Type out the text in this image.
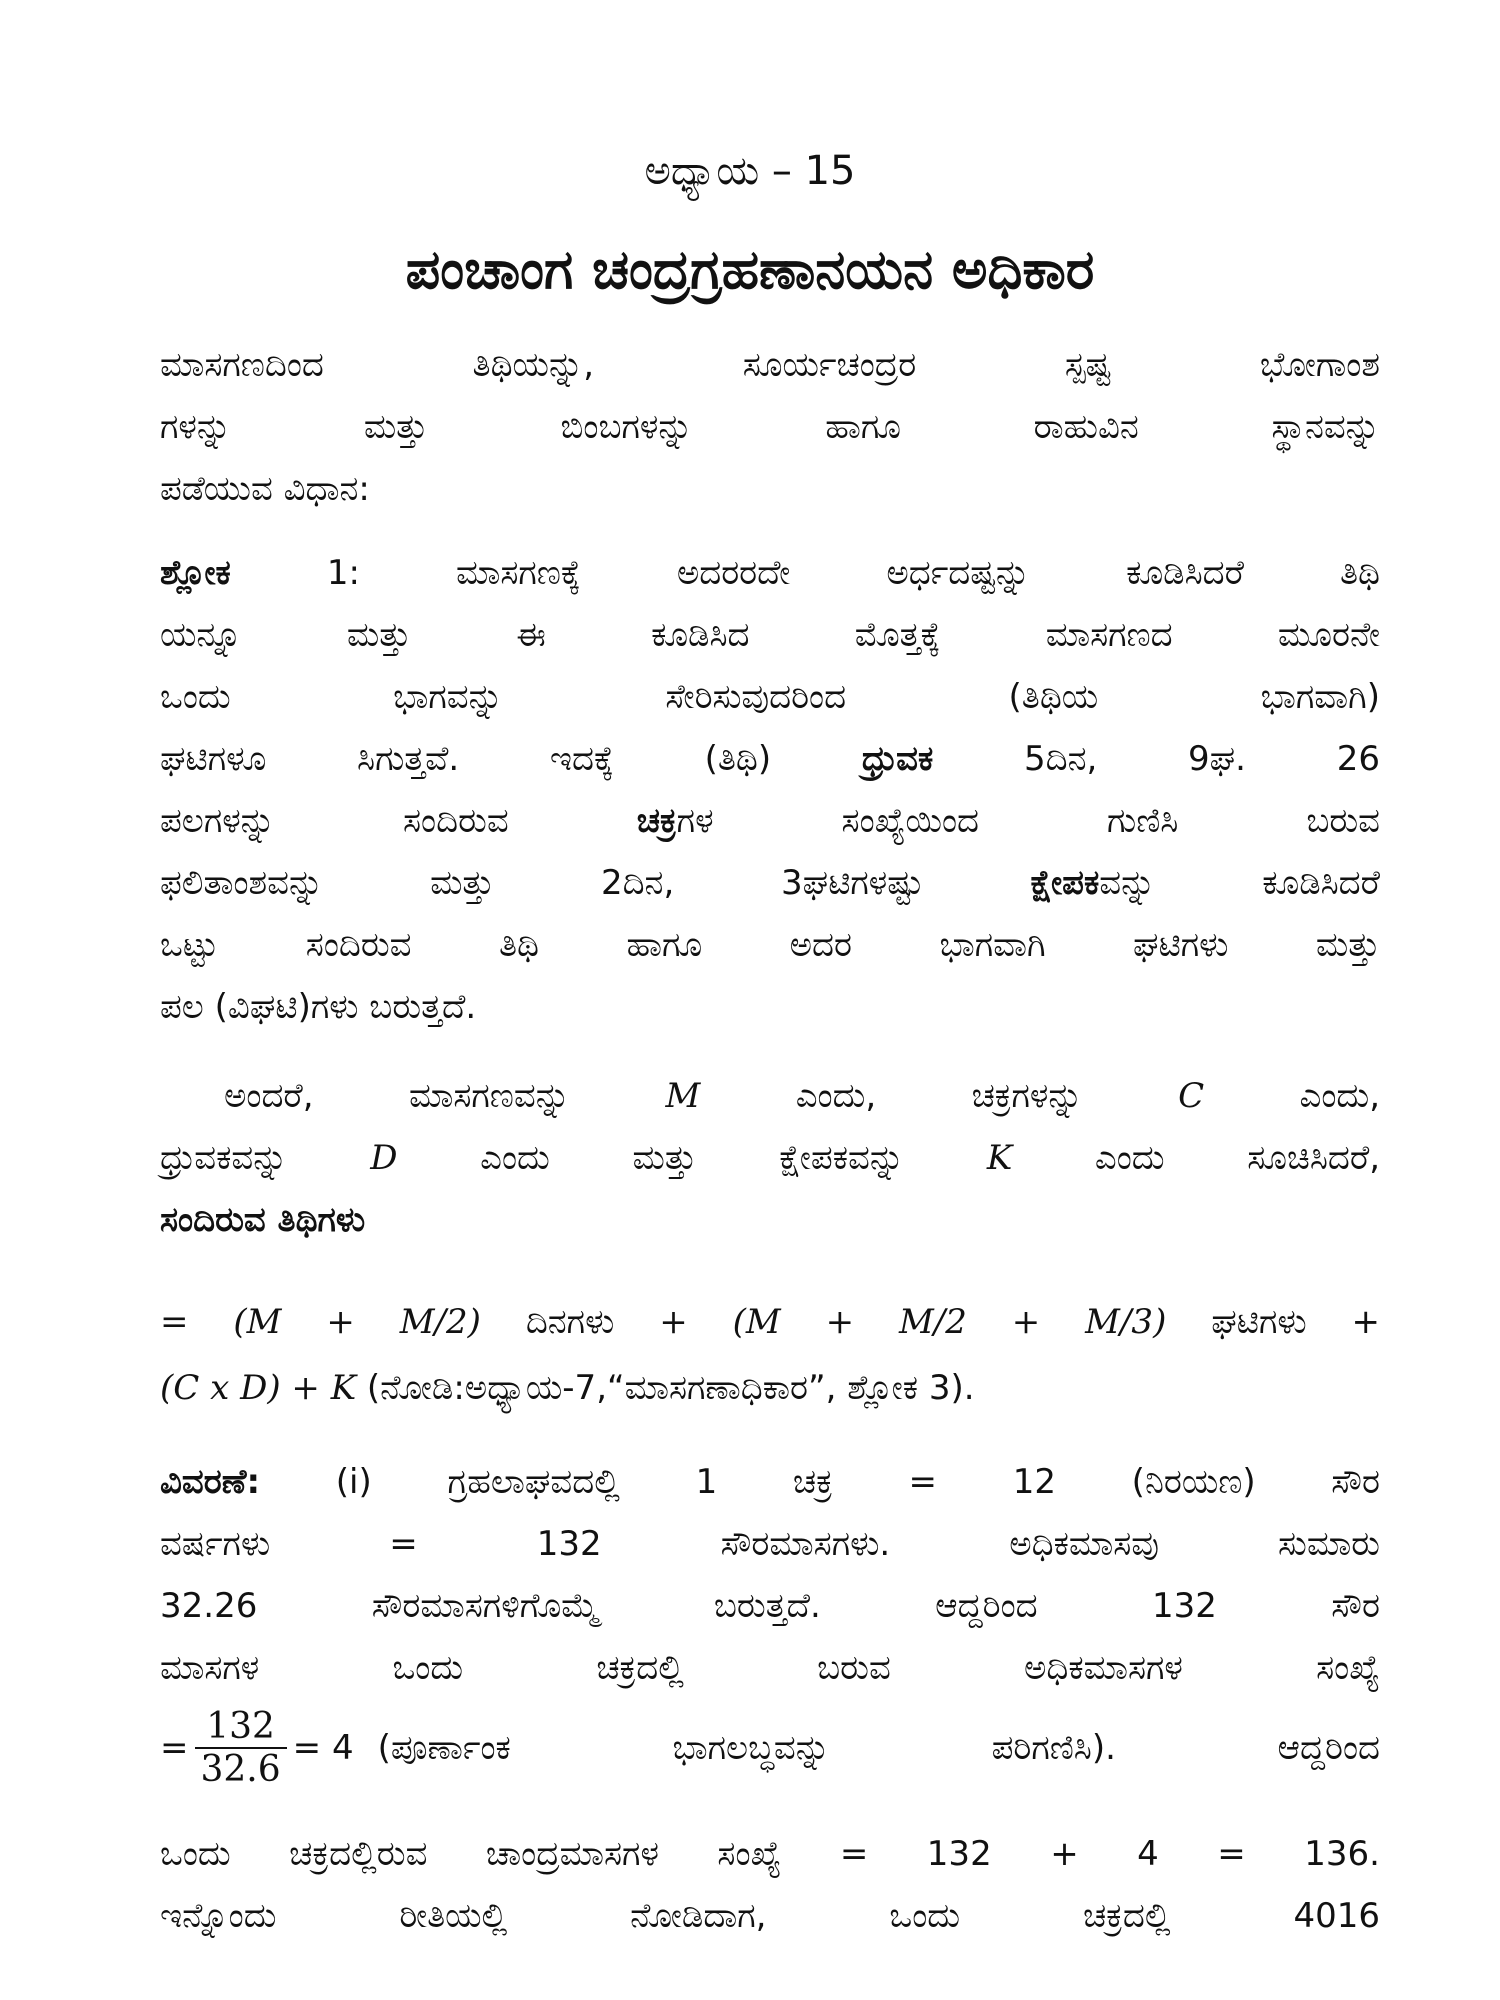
ಅಧ್ಯಾಯ – 15
ಪಂಚಾಂಗ ಚಂದ್ರಗ್ರಹಣಾನಯನ ಅಧಿಕಾರ
ಮಾಸಗಣದಿಂದ ತಿಥಿಯನ್ನು, ಸೂರ್ಯಚಂದ್ರರ ಸ್ಪಷ್ಟ ಭೋಗಾಂಶ
ಗಳನ್ನು ಮತ್ತು ಬಿಂಬಗಳನ್ನು ಹಾಗೂ ರಾಹುವಿನ ಸ್ಥಾನವನ್ನು
ಪಡೆಯುವ ವಿಧಾನ:
ಶ್ಲೋಕ	1: ಮಾಸಗಣಕ್ಕೆ ಅದರರದೇ ಅರ್ಧದಷ್ಟನ್ನು ಕೂಡಿಸಿದರೆ ತಿಥಿ
ಯನ್ನೂ ಮತ್ತು ಈ ಕೂಡಿಸಿದ ಮೊತ್ತಕ್ಕೆ ಮಾಸಗಣದ ಮೂರನೇ
ಒಂದು ಭಾಗವನ್ನು ಸೇರಿಸುವುದರಿಂದ (ತಿಥಿಯ ಭಾಗವಾಗಿ)
ಘಟಿಗಳೂ ಸಿಗುತ್ತವೆ. ಇದಕ್ಕೆ (ತಿಥಿ)	ಧ್ರುವಕ	5ದಿನ, 9ಘ. 26
ಪಲಗಳನ್ನು ಸಂದಿರುವ	ಚಕ್ರಗಳ ಸಂಖ್ಯೆಯಿಂದ ಗುಣಿಸಿ ಬರುವ
ಫಲಿತಾಂಶವನ್ನು ಮತ್ತು 2ದಿನ, 3ಘಟಿಗಳಷ್ಟು	ಕ್ಷೇಪಕವನ್ನು ಕೂಡಿಸಿದರೆ
ಒಟ್ಟು ಸಂದಿರುವ ತಿಥಿ ಹಾಗೂ ಅದರ ಭಾಗವಾಗಿ ಘಟಿಗಳು ಮತ್ತು
ಪಲ (ವಿಘಟಿ)ಗಳು ಬರುತ್ತದೆ.
ಅಂದರೆ, ಮಾಸಗಣವನ್ನು	M	ಎಂದು, ಚಕ್ರಗಳನ್ನು	C	ಎಂದು,
ಧ್ರುವಕವನ್ನು D ಎಂದು ಮತ್ತು ಕ್ಷೇಪಕವನ್ನು K ಎಂದು ಸೂಚಿಸಿದರೆ,
ಸಂದಿರುವ ತಿಥಿಗಳು
= (M + M/2) ದಿನಗಳು + (M + M/2 + M/3) ಘಟಿಗಳು +
(C x D) + K (ನೋಡಿ:ಅಧ್ಯಾಯ-7,“ಮಾಸಗಣಾಧಿಕಾರ”, ಶ್ಲೋಕ 3).
ವಿವರಣೆ: (i) ಗ್ರಹಲಾಘವದಲ್ಲಿ 1 ಚಕ್ರ = 12 (ನಿರಯಣ) ಸೌರ
ವರ್ಷಗಳು = 132 ಸೌರಮಾಸಗಳು. ಅಧಿಕಮಾಸವು ಸುಮಾರು
32.26 ಸೌರಮಾಸಗಳಿಗೊಮ್ಮೆ ಬರುತ್ತದೆ. ಆದ್ದರಿಂದ 132 ಸೌರ
ಮಾಸಗಳ ಒಂದು ಚಕ್ರದಲ್ಲಿ ಬರುವ ಅಧಿಕಮಾಸಗಳ ಸಂಖ್ಯೆ
= $\frac{132}{32.6} = 4$ (ಪೂರ್ಣಾಂಕ ಭಾಗಲಬ್ಧವನ್ನು ಪರಿಗಣಿಸಿ). ಆದ್ದರಿಂದ
ಒಂದು ಚಕ್ರದಲ್ಲಿರುವ ಚಾಂದ್ರಮಾಸಗಳ ಸಂಖ್ಯೆ = 132 + 4 = 136.
ಇನ್ನೊಂದು ರೀತಿಯಲ್ಲಿ ನೋಡಿದಾಗ, ಒಂದು ಚಕ್ರದಲ್ಲಿ 4016
